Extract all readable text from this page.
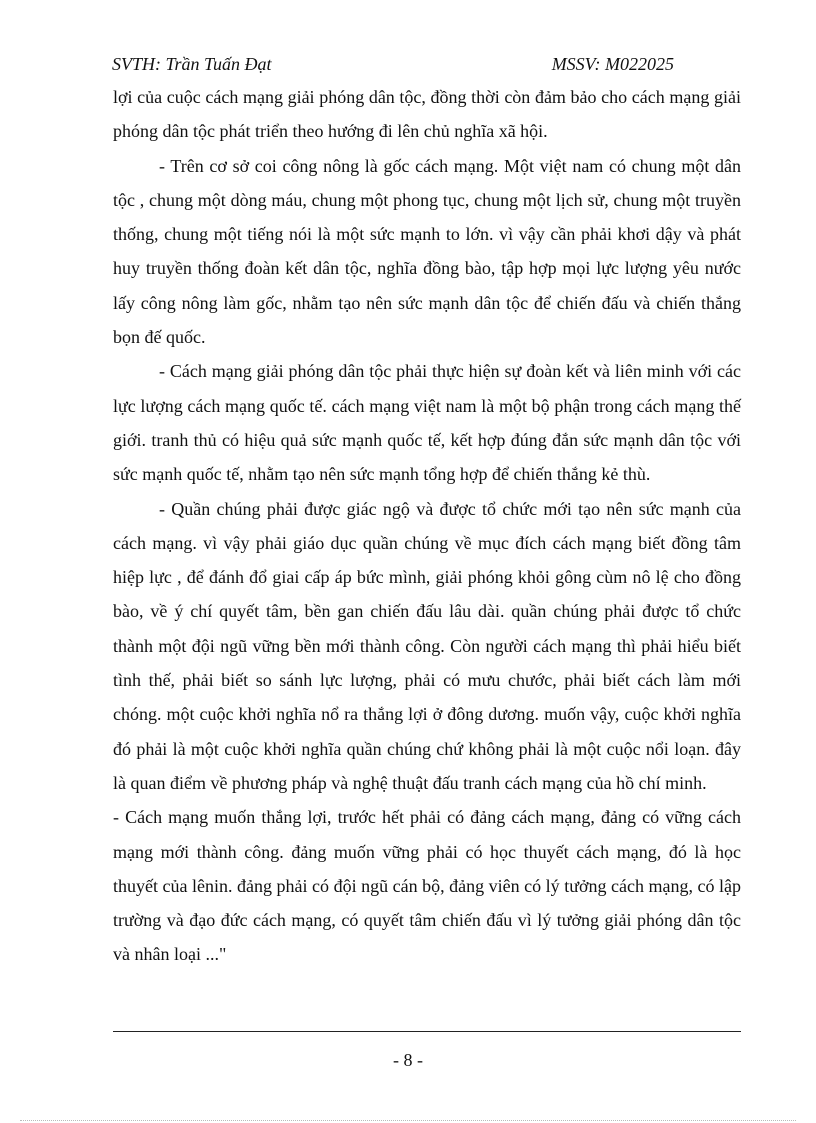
SVTH: Trần Tuấn Đạt	MSSV: M022025

lợi của cuộc cách mạng giải phóng dân tộc, đồng thời còn đảm bảo cho cách mạng giải phóng dân tộc phát triển theo hướng đi lên chủ nghĩa xã hội.

- Trên cơ sở coi công nông là gốc cách mạng. Một việt nam có chung một dân tộc , chung một dòng máu, chung một phong tục, chung một lịch sử, chung một truyền thống, chung một tiếng nói là một sức mạnh to lớn. vì vậy cần phải khơi dậy và phát huy truyền thống đoàn kết dân tộc, nghĩa đồng bào, tập hợp mọi lực lượng yêu nước lấy công nông làm gốc, nhằm tạo nên sức mạnh dân tộc để chiến đấu và chiến thắng bọn đế quốc.

- Cách mạng giải phóng dân tộc phải thực hiện sự đoàn kết và liên minh với các lực lượng cách mạng quốc tế. cách mạng việt nam là một bộ phận trong cách mạng thế giới. tranh thủ có hiệu quả sức mạnh quốc tế, kết hợp đúng đắn sức mạnh dân tộc với sức mạnh quốc tế, nhằm tạo nên sức mạnh tổng hợp để chiến thắng kẻ thù.

- Quần chúng phải được giác ngộ và được tổ chức mới tạo nên sức mạnh của cách mạng. vì vậy phải giáo dục quần chúng về mục đích cách mạng biết đồng tâm hiệp lực , để đánh đổ giai cấp áp bức mình, giải phóng khỏi gông cùm nô lệ cho đồng bào, về ý chí quyết tâm, bền gan chiến đấu lâu dài. quần chúng phải được tổ chức thành một đội ngũ vững bền mới thành công. Còn người cách mạng thì phải hiểu biết tình thế, phải biết so sánh lực lượng, phải có mưu chước, phải biết cách làm mới chóng. một cuộc khởi nghĩa nổ ra thắng lợi ở đông dương. muốn vậy, cuộc khởi nghĩa đó phải là một cuộc khởi nghĩa quần chúng chứ không phải là một cuộc nổi loạn. đây là quan điểm về phương pháp và nghệ thuật đấu tranh cách mạng của hồ chí minh.

- Cách mạng muốn thắng lợi, trước hết phải có đảng cách mạng, đảng có vững cách mạng mới thành công. đảng muốn vững phải có học thuyết cách mạng, đó là học thuyết của lênin. đảng phải có đội ngũ cán bộ, đảng viên có lý tưởng cách mạng, có lập trường và đạo đức cách mạng, có quyết tâm chiến đấu vì lý tưởng giải phóng dân tộc và nhân loại ..."

- 8 -
